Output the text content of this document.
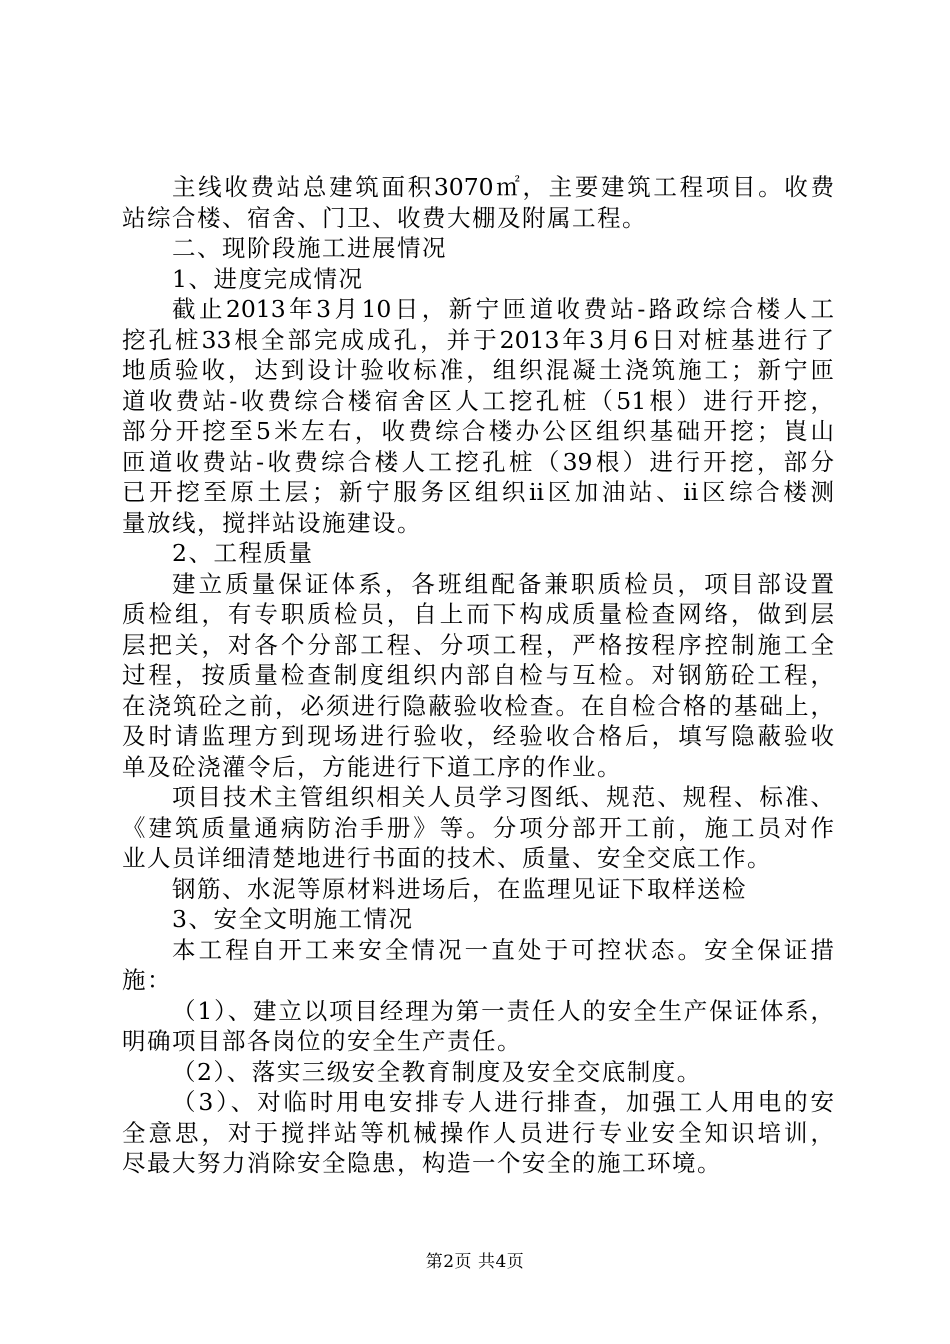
主线收费站总建筑面积3070㎡，主要建筑工程项目。收费
站综合楼、宿舍、门卫、收费大棚及附属工程。
二、现阶段施工进展情况
1、进度完成情况
截止2013年3月10日，新宁匝道收费站-路政综合楼人工
挖孔桩33根全部完成成孔，并于2013年3月6日对桩基进行了
地质验收，达到设计验收标准，组织混凝土浇筑施工；新宁匝
道收费站-收费综合楼宿舍区人工挖孔桩（51根）进行开挖，
部分开挖至5米左右，收费综合楼办公区组织基础开挖；崀山
匝道收费站-收费综合楼人工挖孔桩（39根）进行开挖，部分
已开挖至原土层；新宁服务区组织ii区加油站、ii区综合楼测
量放线，搅拌站设施建设。
2、工程质量
建立质量保证体系，各班组配备兼职质检员，项目部设置
质检组，有专职质检员，自上而下构成质量检查网络，做到层
层把关，对各个分部工程、分项工程，严格按程序控制施工全
过程，按质量检查制度组织内部自检与互检。对钢筋砼工程，
在浇筑砼之前，必须进行隐蔽验收检查。在自检合格的基础上，
及时请监理方到现场进行验收，经验收合格后，填写隐蔽验收
单及砼浇灌令后，方能进行下道工序的作业。
项目技术主管组织相关人员学习图纸、规范、规程、标准、
《建筑质量通病防治手册》等。分项分部开工前，施工员对作
业人员详细清楚地进行书面的技术、质量、安全交底工作。
钢筋、水泥等原材料进场后，在监理见证下取样送检
3、安全文明施工情况
本工程自开工来安全情况一直处于可控状态。安全保证措
施：
（1）、建立以项目经理为第一责任人的安全生产保证体系，
明确项目部各岗位的安全生产责任。
（2）、落实三级安全教育制度及安全交底制度。
（3）、对临时用电安排专人进行排查，加强工人用电的安
全意思，对于搅拌站等机械操作人员进行专业安全知识培训，
尽最大努力消除安全隐患，构造一个安全的施工环境。
第2页 共4页
